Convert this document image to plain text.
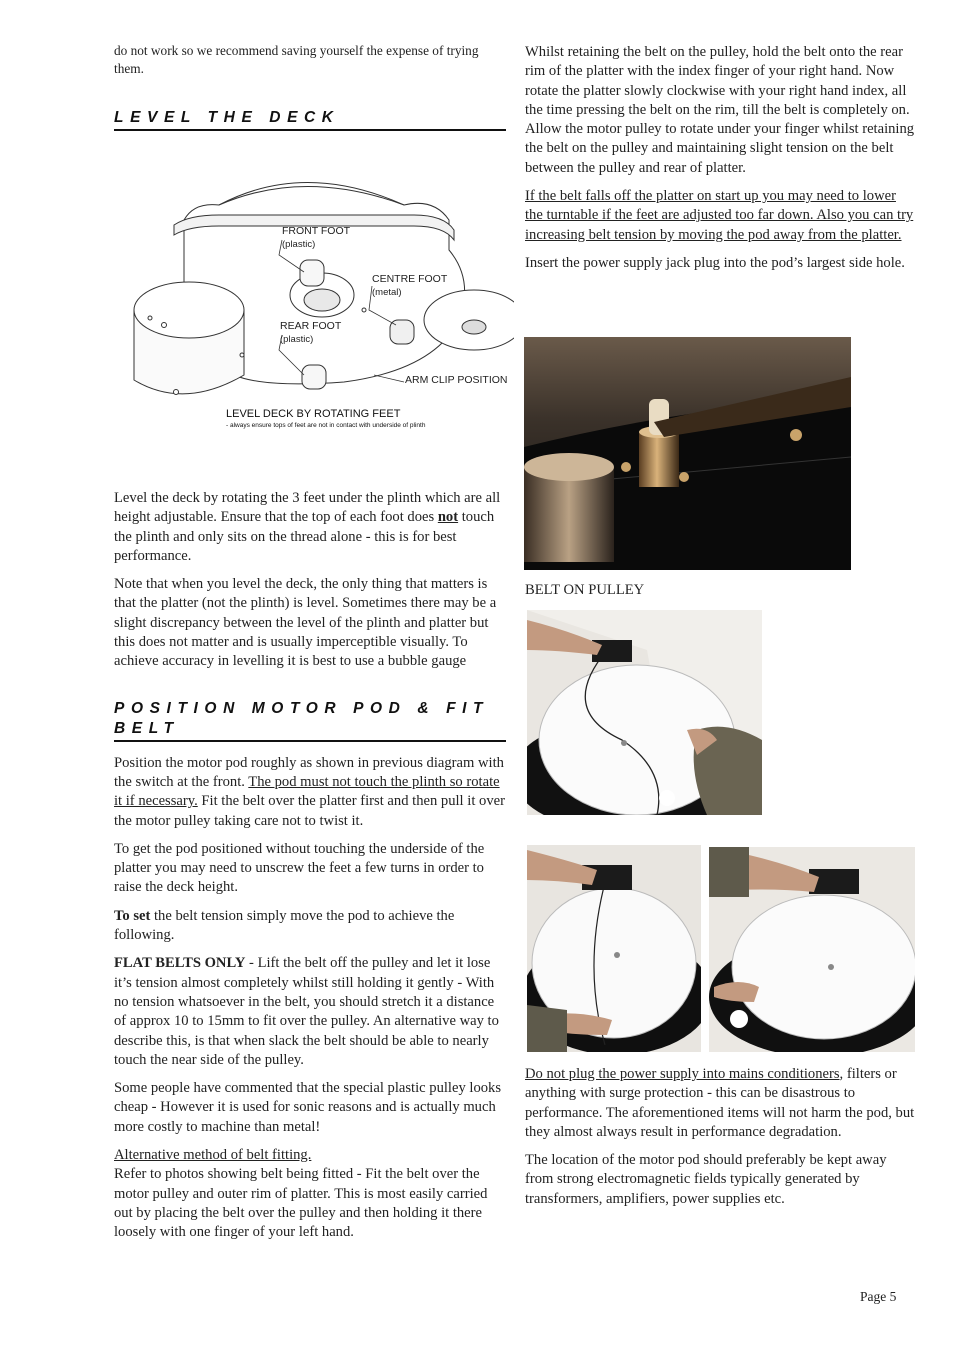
do not work so we recommend saving yourself the expense of trying them.

LEVEL THE DECK
FRONT FOOT
(plastic)
CENTRE FOOT
(metal)
REAR FOOT
(plastic)
ARM CLIP POSITION
LEVEL DECK BY ROTATING FEET
- always ensure tops of feet are not in contact with underside of plinth

Level the deck by rotating the 3 feet under the plinth which are all height adjustable. Ensure that the top of each foot does not touch the plinth and only sits on the thread alone - this is for best performance.

Note that when you level the deck, the only thing that matters is that the platter (not the plinth) is level. Sometimes there may be a slight discrepancy between the level of the plinth and platter but this does not matter and is usually imperceptible visually. To achieve accuracy in levelling it is best to use a bubble gauge

POSITION MOTOR POD & FIT BELT

Position the motor pod roughly as shown in previous diagram with the switch at the front. The pod must not touch the plinth so rotate it if necessary. Fit the belt over the platter first and then pull it over the motor pulley taking care not to twist it.

To get the pod positioned without touching the underside of the platter you may need to unscrew the feet a few turns in order to raise the deck height.

To set the belt tension simply move the pod to achieve the following.

FLAT BELTS ONLY - Lift the belt off the pulley and let it lose it’s tension almost completely whilst still holding it gently - With no tension whatsoever in the belt, you should stretch it a distance of approx 10 to 15mm to fit over the pulley. An alternative way to describe this, is that when slack the belt should be able to nearly touch the near side of the pulley.

Some people have commented that the special plastic pulley looks cheap - However it is used for sonic reasons and is actually much more costly to machine than metal!

Alternative method of belt fitting.

Refer to photos showing belt being fitted - Fit the belt over the motor pulley and outer rim of platter. This is most easily carried out by placing the belt over the pulley and then holding it there loosely with one finger of your left hand.

Whilst retaining the belt on the pulley, hold the belt onto the rear rim of the platter with the index finger of your right hand. Now rotate the platter slowly clockwise with your right hand index, all the time pressing the belt on the rim, till the belt is completely on. Allow the motor pulley to rotate under your finger whilst retaining the belt on the pulley and maintaining slight tension on the belt between the pulley and rear of platter.

If the belt falls off the platter on start up you may need to lower the turntable if the feet are adjusted too far down. Also you can try increasing belt tension by moving the pod away from the platter.

Insert the power supply jack plug into the pod’s largest side hole.

BELT ON PULLEY

Do not plug the power supply into mains conditioners, filters or anything with surge protection - this can be disastrous to performance. The aforementioned items will not harm the pod, but they almost always result in performance degradation.

The location of the motor pod should preferably be kept away from strong electromagnetic fields typically generated by transformers, amplifiers, power supplies etc.

Page 5
